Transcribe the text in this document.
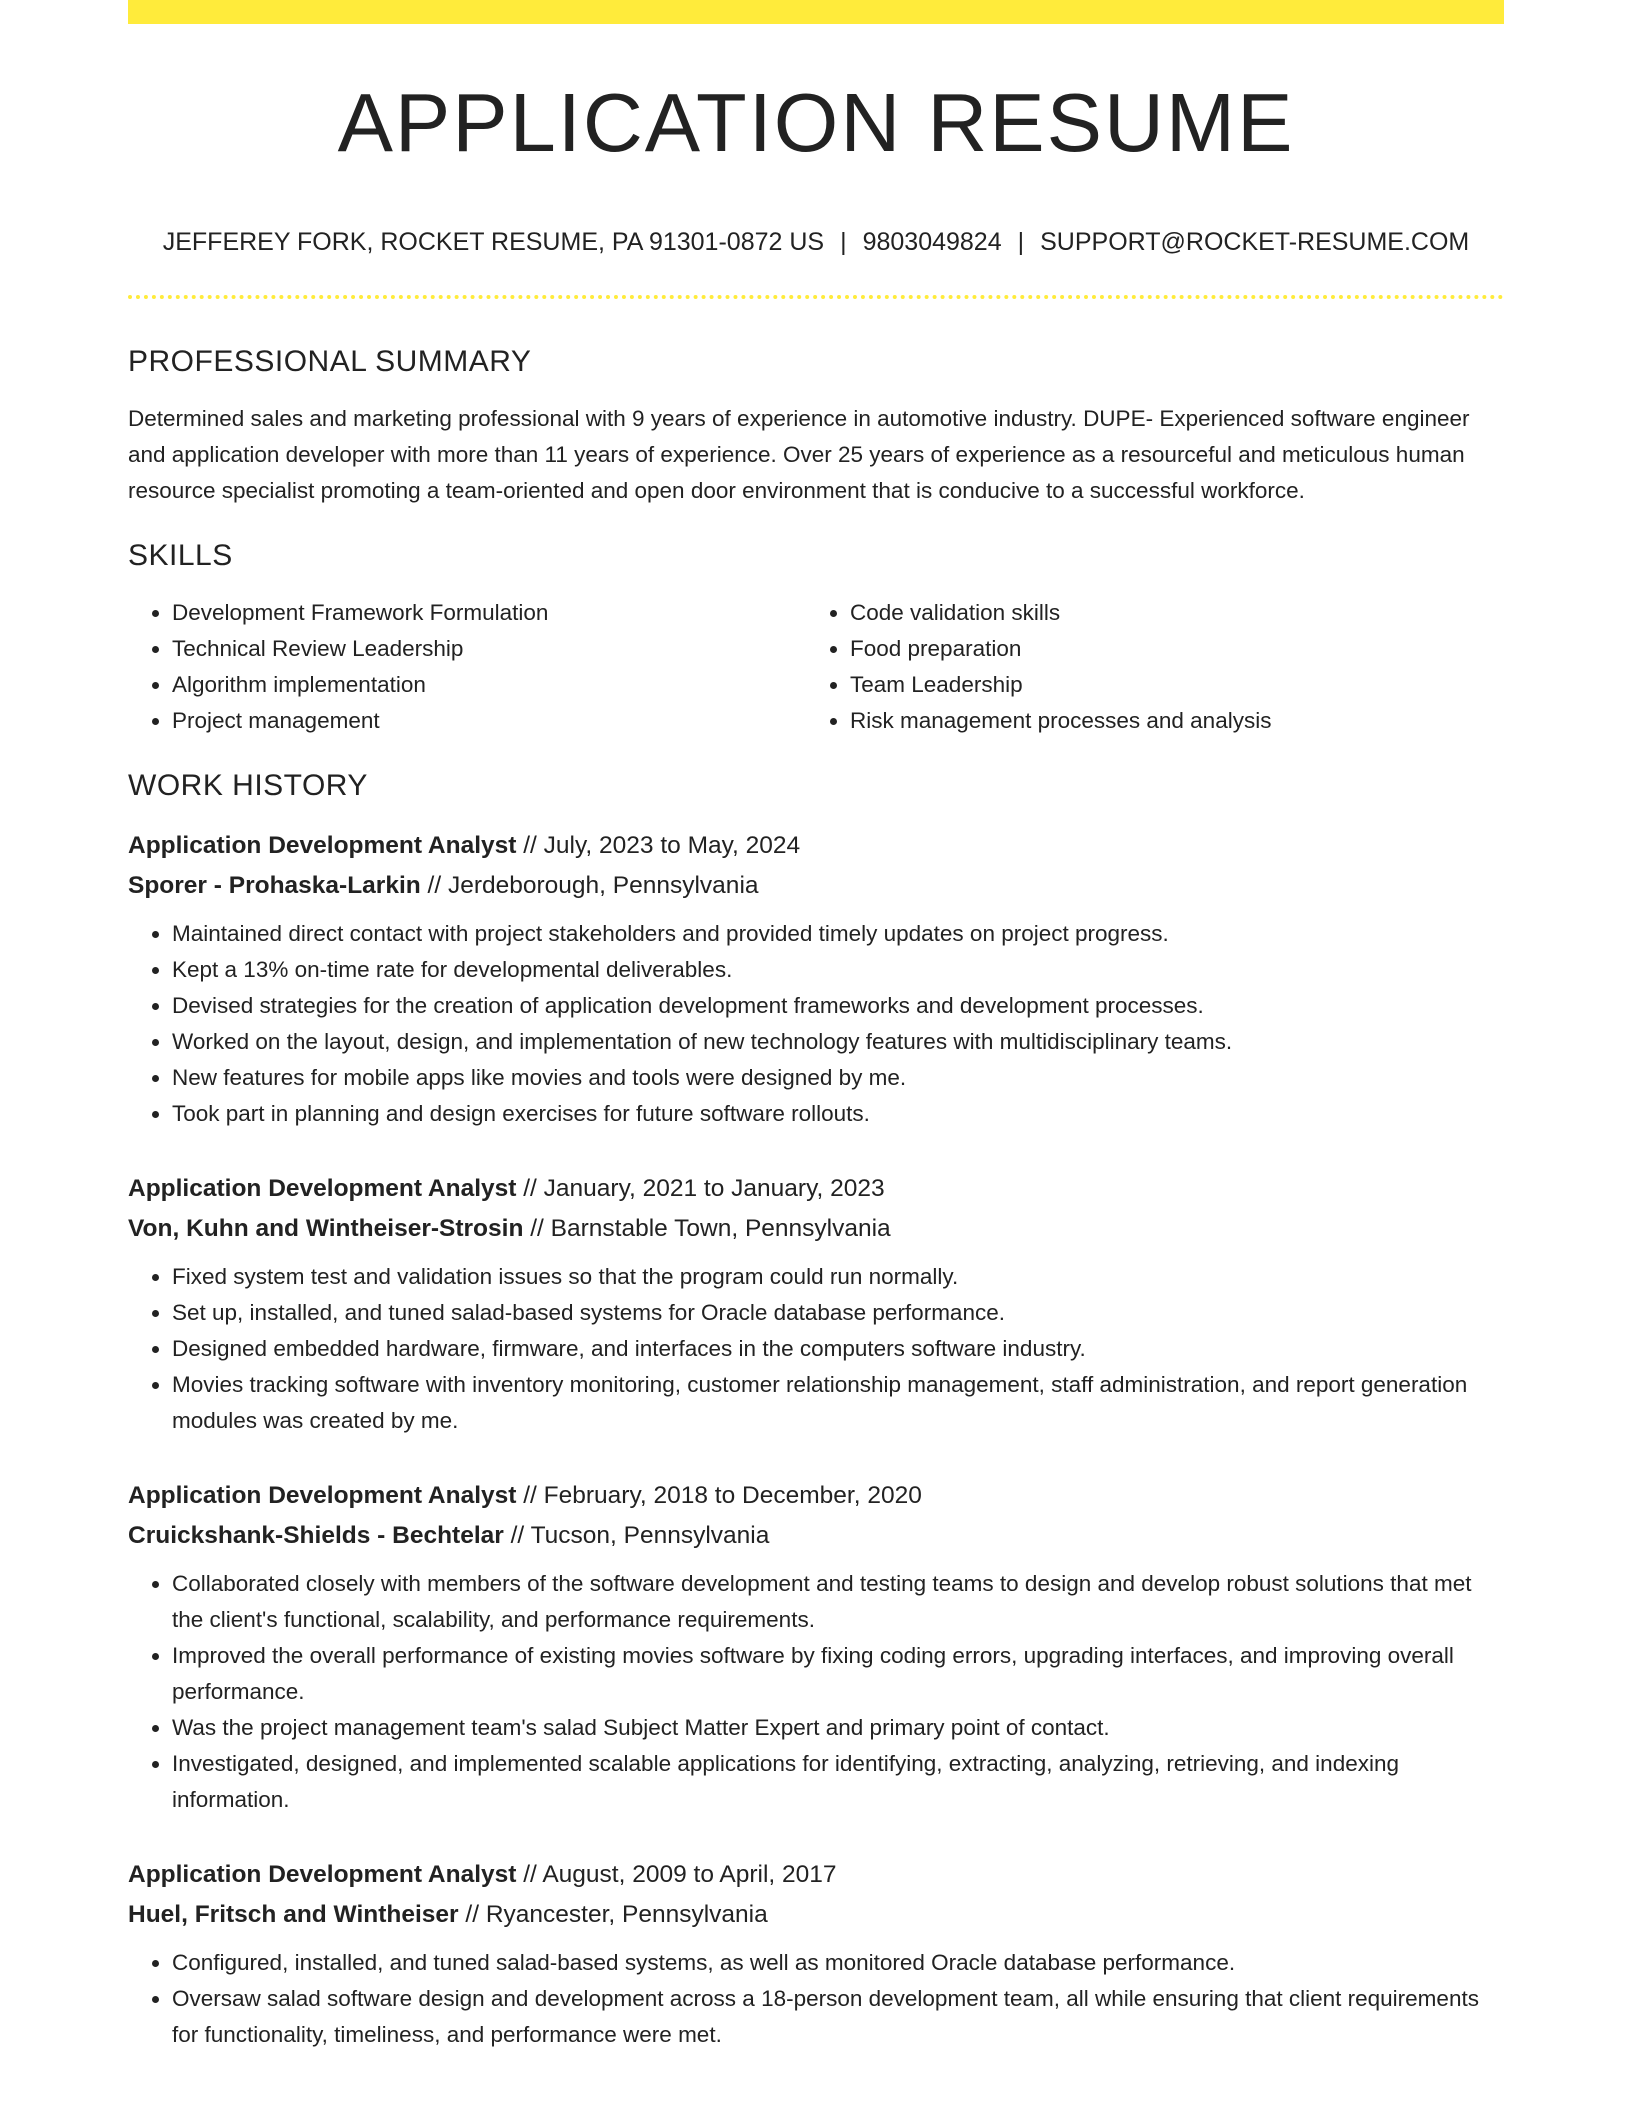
APPLICATION RESUME
JEFFEREY FORK, ROCKET RESUME, PA 91301-0872 US | 9803049824 | SUPPORT@ROCKET-RESUME.COM
PROFESSIONAL SUMMARY
Determined sales and marketing professional with 9 years of experience in automotive industry. DUPE- Experienced software engineer and application developer with more than 11 years of experience. Over 25 years of experience as a resourceful and meticulous human resource specialist promoting a team-oriented and open door environment that is conducive to a successful workforce.
SKILLS
• Development Framework Formulation
• Technical Review Leadership
• Algorithm implementation
• Project management
• Code validation skills
• Food preparation
• Team Leadership
• Risk management processes and analysis
WORK HISTORY
Application Development Analyst // July, 2023 to May, 2024
Sporer - Prohaska-Larkin // Jerdeborough, Pennsylvania
• Maintained direct contact with project stakeholders and provided timely updates on project progress.
• Kept a 13% on-time rate for developmental deliverables.
• Devised strategies for the creation of application development frameworks and development processes.
• Worked on the layout, design, and implementation of new technology features with multidisciplinary teams.
• New features for mobile apps like movies and tools were designed by me.
• Took part in planning and design exercises for future software rollouts.
Application Development Analyst // January, 2021 to January, 2023
Von, Kuhn and Wintheiser-Strosin // Barnstable Town, Pennsylvania
• Fixed system test and validation issues so that the program could run normally.
• Set up, installed, and tuned salad-based systems for Oracle database performance.
• Designed embedded hardware, firmware, and interfaces in the computers software industry.
• Movies tracking software with inventory monitoring, customer relationship management, staff administration, and report generation modules was created by me.
Application Development Analyst // February, 2018 to December, 2020
Cruickshank-Shields - Bechtelar // Tucson, Pennsylvania
• Collaborated closely with members of the software development and testing teams to design and develop robust solutions that met the client's functional, scalability, and performance requirements.
• Improved the overall performance of existing movies software by fixing coding errors, upgrading interfaces, and improving overall performance.
• Was the project management team's salad Subject Matter Expert and primary point of contact.
• Investigated, designed, and implemented scalable applications for identifying, extracting, analyzing, retrieving, and indexing information.
Application Development Analyst // August, 2009 to April, 2017
Huel, Fritsch and Wintheiser // Ryancester, Pennsylvania
• Configured, installed, and tuned salad-based systems, as well as monitored Oracle database performance.
• Oversaw salad software design and development across a 18-person development team, all while ensuring that client requirements for functionality, timeliness, and performance were met.
